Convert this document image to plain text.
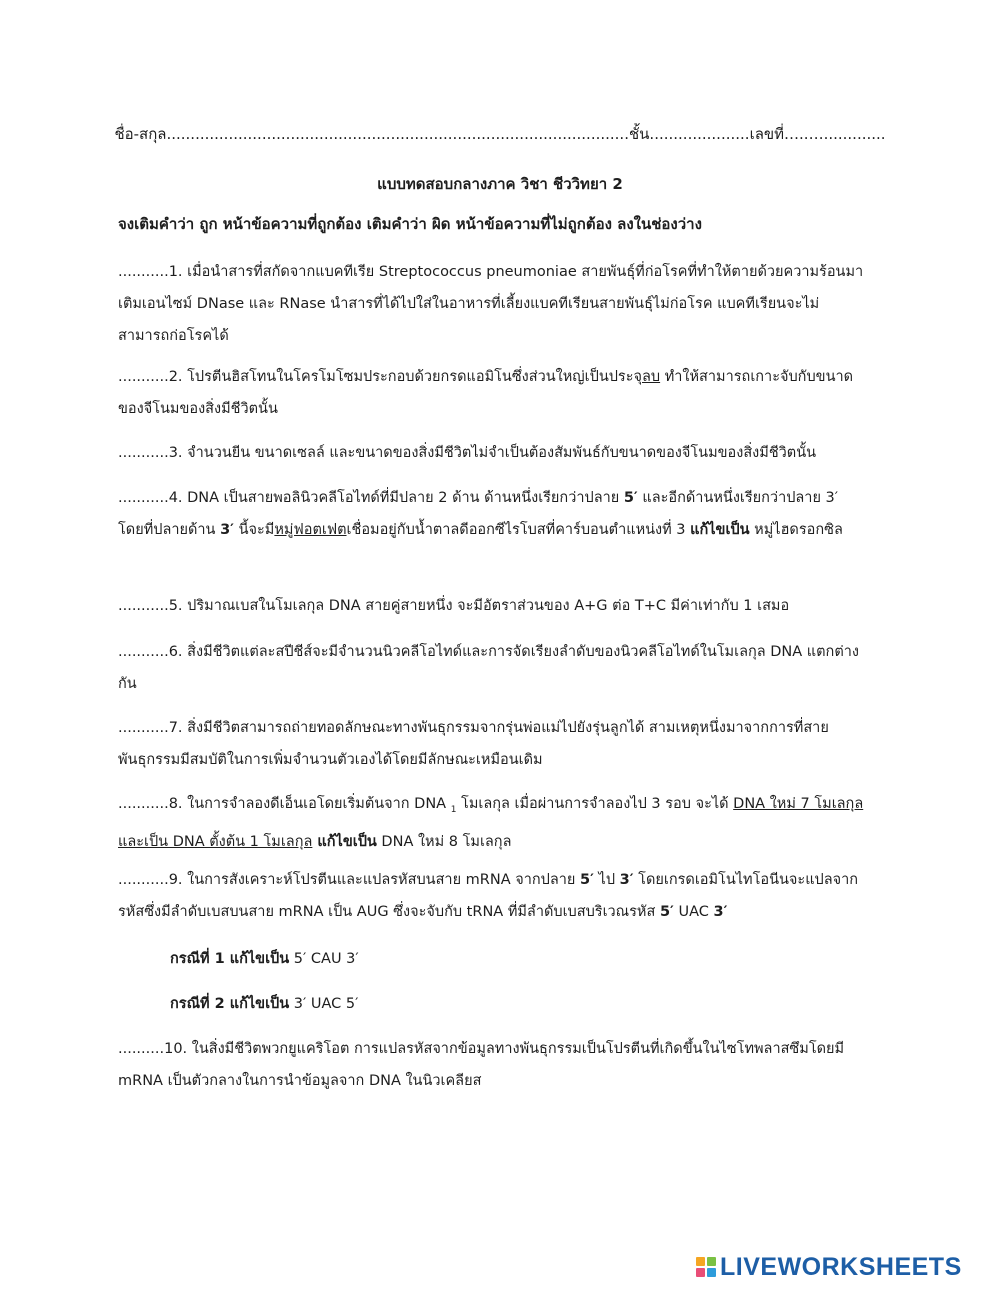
ชื่อ-สกุล.................................................................................................ชั้น.....................เลขที่…..….............
แบบทดสอบกลางภาค วิชา ชีววิทยา 2
จงเติมคำว่า ถูก หน้าข้อความที่ถูกต้อง เติมคำว่า ผิด หน้าข้อความที่ไม่ถูกต้อง ลงในช่องว่าง
...........1. เมื่อนำสารที่สกัดจากแบคทีเรีย Streptococcus pneumoniae สายพันธุ์ที่ก่อโรคที่ทำให้ตายด้วยความร้อนมาเติมเอนไซม์ DNase และ RNase นำสารที่ได้ไปใส่ในอาหารที่เลี้ยงแบคทีเรียนสายพันธุ์ไม่ก่อโรค แบคทีเรียนจะไม่สามารถก่อโรคได้
...........2. โปรตีนฮิสโทนในโครโมโซมประกอบด้วยกรดแอมิโนซึ่งส่วนใหญ่เป็นประจุลบ ทำให้สามารถเกาะจับกับขนาดของจีโนมของสิ่งมีชีวิตนั้น
...........3. จำนวนยีน ขนาดเซลล์ และขนาดของสิ่งมีชีวิตไม่จำเป็นต้องสัมพันธ์กับขนาดของจีโนมของสิ่งมีชีวิตนั้น
...........4. DNA เป็นสายพอลินิวคลีโอไทด์ที่มีปลาย 2 ด้าน ด้านหนึ่งเรียกว่าปลาย 5′ และอีกด้านหนึ่งเรียกว่าปลาย 3′ โดยที่ปลายด้าน 3′ นี้จะมีหมู่ฟอตเฟตเชื่อมอยู่กับน้ำตาลดีออกซีไรโบสที่คาร์บอนตำแหน่งที่ 3 แก้ไขเป็น หมู่ไฮดรอกซิล
...........5. ปริมาณเบสในโมเลกุล DNA สายคู่สายหนึ่ง จะมีอัตราส่วนของ A+G ต่อ T+C มีค่าเท่ากับ 1 เสมอ
...........6. สิ่งมีชีวิตแต่ละสปีชีส์จะมีจำนวนนิวคลีโอไทด์และการจัดเรียงลำดับของนิวคลีโอไทด์ในโมเลกุล DNA แตกต่างกัน
...........7. สิ่งมีชีวิตสามารถถ่ายทอดลักษณะทางพันธุกรรมจากรุ่นพ่อแม่ไปยังรุ่นลูกได้ สามเหตุหนึ่งมาจากการที่สายพันธุกรรมมีสมบัติในการเพิ่มจำนวนตัวเองได้โดยมีลักษณะเหมือนเดิม
...........8. ในการจำลองดีเอ็นเอโดยเริ่มต้นจาก DNA $_1$ โมเลกุล เมื่อผ่านการจำลองไป 3 รอบ จะได้ DNA ใหม่ 7 โมเลกุล และเป็น DNA ตั้งต้น 1 โมเลกุล แก้ไขเป็น DNA ใหม่ 8 โมเลกุล
...........9. ในการสังเคราะห์โปรตีนและแปลรหัสบนสาย mRNA จากปลาย 5′ ไป 3′ โดยเกรดเอมิโนไทโอนีนจะแปลจากรหัสซึ่งมีลำดับเบสบนสาย mRNA เป็น AUG ซึ่งจะจับกับ tRNA ที่มีลำดับเบสบริเวณรหัส 5′ UAC 3′
กรณีที่ 1 แก้ไขเป็น 5′ CAU 3′
กรณีที่ 2 แก้ไขเป็น 3′ UAC 5′
..........10. ในสิ่งมีชีวิตพวกยูแคริโอต การแปลรหัสจากข้อมูลทางพันธุกรรมเป็นโปรตีนที่เกิดขึ้นในไซโทพลาสซึมโดยมี mRNA เป็นตัวกลางในการนำข้อมูลจาก DNA ในนิวเคลียส
LIVEWORKSHEETS
